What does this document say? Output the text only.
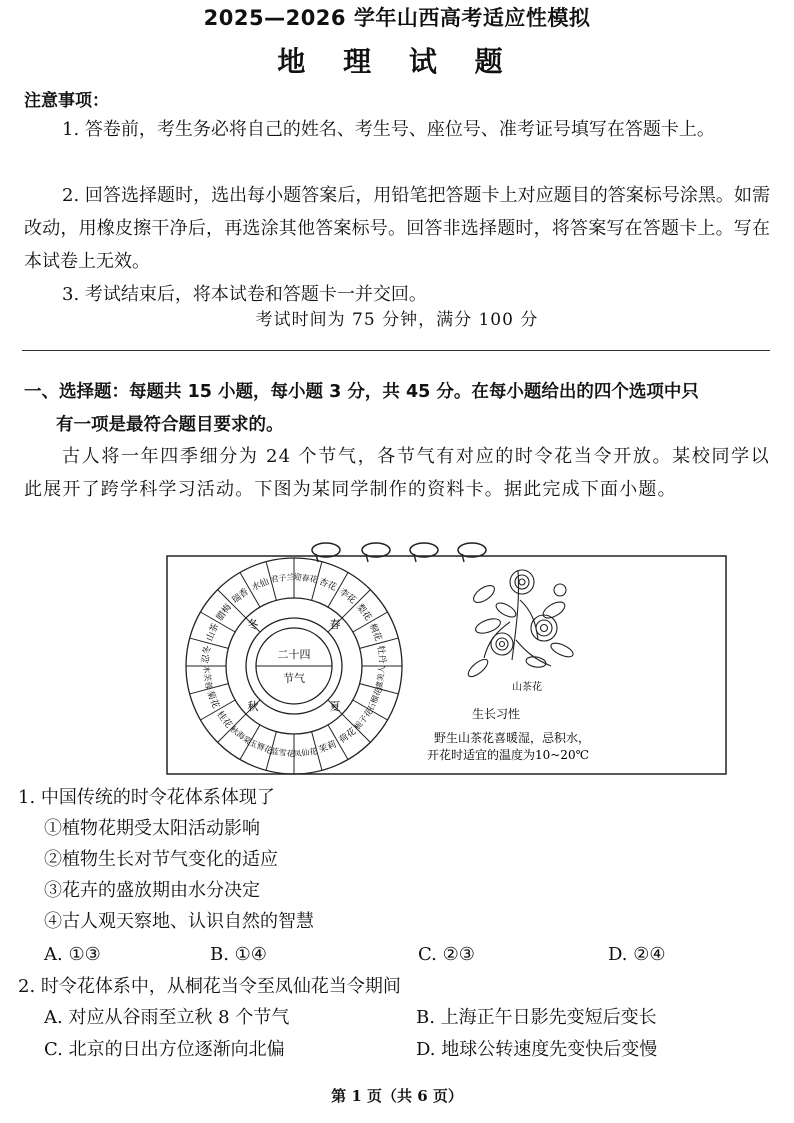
2025—2026 学年山西高考适应性模拟
地 理 试 题
注意事项：
1. 答卷前，考生务必将自己的姓名、考生号、座位号、准考证号填写在答题卡上。
2. 回答选择题时，选出每小题答案后，用铅笔把答题卡上对应题目的答案标号涂黑。如需改动，用橡皮擦干净后，再选涂其他答案标号。回答非选择题时，将答案写在答题卡上。写在本试卷上无效。
3. 考试结束后，将本试卷和答题卡一并交回。
考试时间为 75 分钟，满分 100 分
一、选择题：每题共 15 小题，每小题 3 分，共 45 分。在每小题给出的四个选项中只
有一项是最符合题目要求的。
古人将一年四季细分为 24 个节气，各节气有对应的时令花当令开放。某校同学以此展开了跨学科学习活动。下图为某同学制作的资料卡。据此完成下面小题。
迎春花 杏花
李花
梨花
桐花
牡丹
虞美人
石榴花
栀子花
荷花
茉莉
凤仙花
蓝雪花
玉簪花
秋海棠
桂花
菊花
木芙蓉
忍冬
山茶
腊梅
瑞香
水仙 君子兰
冬	春
夏
秋
二十四
节气
山茶花
生长习性
野生山茶花喜暖湿，忌积水，
开花时适宜的温度为10~20℃
1. 中国传统的时令花体系体现了
①植物花期受太阳活动影响
②植物生长对节气变化的适应
③花卉的盛放期由水分决定
④古人观天察地、认识自然的智慧
A. ①③	B. ①④	C. ②③	D. ②④
2. 时令花体系中，从桐花当令至凤仙花当令期间
A. 对应从谷雨至立秋 8 个节气	B. 上海正午日影先变短后变长
C. 北京的日出方位逐渐向北偏	D. 地球公转速度先变快后变慢
第 1 页（共 6 页）
